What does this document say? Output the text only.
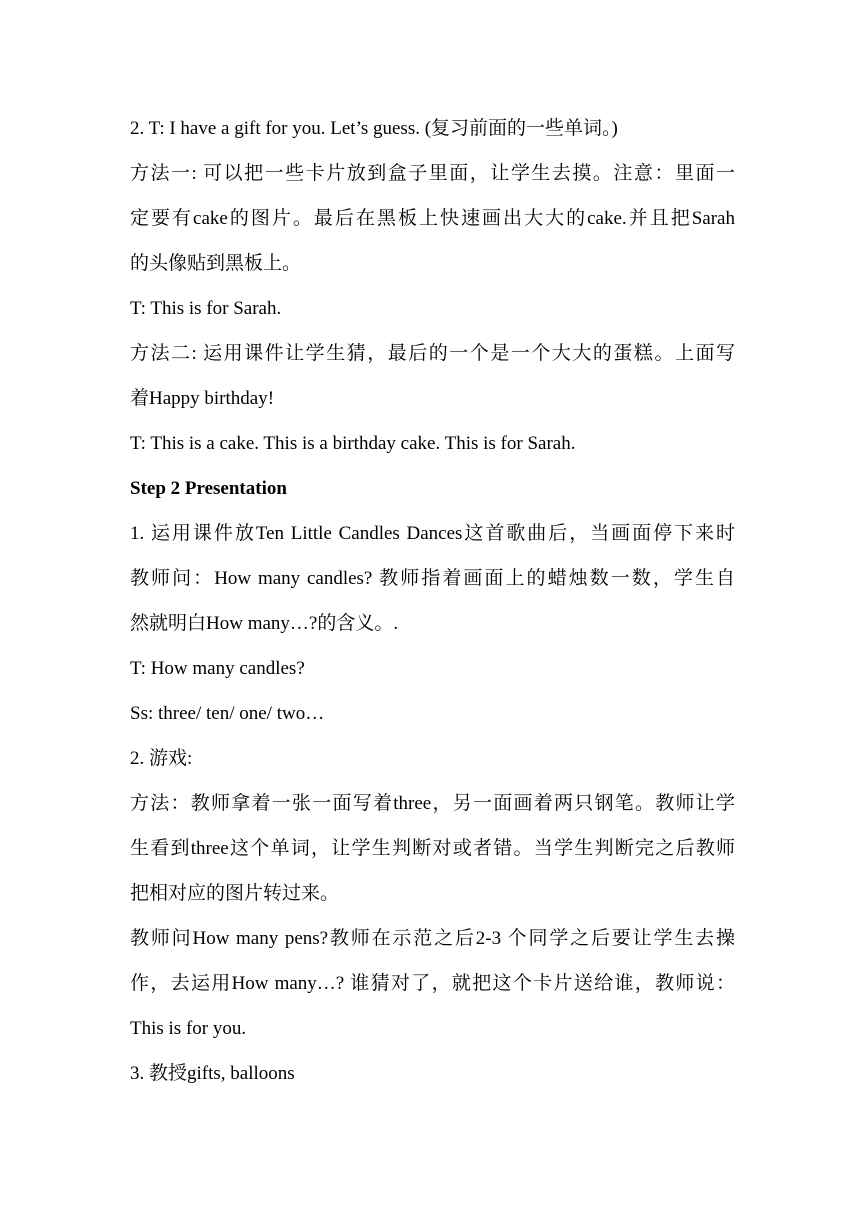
2. T: I have a gift for you. Let’s guess. (复习前面的一些单词。)
方法一: 可以把一些卡片放到盒子里面，让学生去摸。注意：里面一
定要有cake的图片。最后在黑板上快速画出大大的cake.并且把Sarah
的头像贴到黑板上。
T: This is for Sarah.
方法二: 运用课件让学生猜，最后的一个是一个大大的蛋糕。上面写
着Happy birthday!
T: This is a cake. This is a birthday cake. This is for Sarah.
Step 2 Presentation
1. 运用课件放Ten Little Candles Dances这首歌曲后，当画面停下来时
教师问：How many candles? 教师指着画面上的蜡烛数一数，学生自
然就明白How many…?的含义。.
T: How many candles?
Ss: three/ ten/ one/ two…
2. 游戏:
方法：教师拿着一张一面写着three，另一面画着两只钢笔。教师让学
生看到three这个单词，让学生判断对或者错。当学生判断完之后教师
把相对应的图片转过来。
教师问How many pens?教师在示范之后2-3 个同学之后要让学生去操
作，去运用How many…? 谁猜对了，就把这个卡片送给谁，教师说：
This is for you.
3. 教授gifts, balloons
